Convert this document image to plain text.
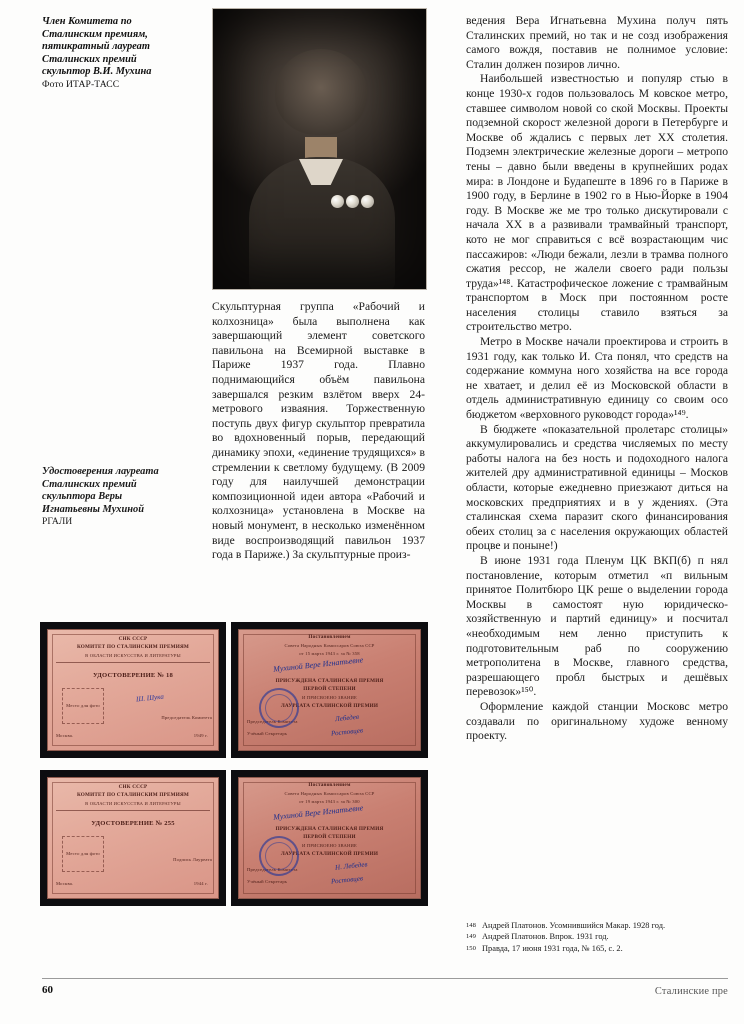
Член Комитета по Сталинским премиям, пятикратный лауреат Сталинских премий скульптор В.И. Мухина
Фото ИТАР-ТАСС
Скульптурная группа «Рабочий и колхозница» была выполнена как завершающий элемент советского павильона на Всемирной выставке в Париже 1937 года. Плавно поднимающийся объём павильона завершался резким взлётом вверх 24-метрового изваяния. Торжественную поступь двух фигур скульптор превратила во вдохновенный порыв, передающий динамику эпохи, «единение трудящихся» в стремлении к светлому будущему. (В 2009 году для наилучшей демонстрации композиционной идеи автора «Рабочий и колхозница» установлена в Москве на новый монумент, в несколько изменённом виде воспроизводящий павильон 1937 года в Париже.) За скульптурные произ-
Удостоверения лауреата Сталинских премий скульптора Веры Игнатьевны Мухиной
РГАЛИ
СНК СССР
КОМИТЕТ ПО СТАЛИНСКИМ ПРЕМИЯМ
В ОБЛАСТИ ИСКУССТВА И ЛИТЕРАТУРЫ
УДОСТОВЕРЕНИЕ № 18
Место для фото
Председатель Комитета
Ш. Шука
Москва.	1949 г.
Постановлением
Совета Народных Комиссаров Союза ССР
от 15 марта 1943 г. за № 358
Мухиной Вере Игнатьевне
ПРИСУЖДЕНА СТАЛИНСКАЯ ПРЕМИЯ
ПЕРВОЙ СТЕПЕНИ
И ПРИСВОЕНО ЗВАНИЕ
ЛАУРЕАТА СТАЛИНСКОЙ ПРЕМИИ
Председатель Комитета
Учёный Секретарь
Лебедев
Ростовцев
СНК СССР
КОМИТЕТ ПО СТАЛИНСКИМ ПРЕМИЯМ
В ОБЛАСТИ ИСКУССТВА И ЛИТЕРАТУРЫ
УДОСТОВЕРЕНИЕ № 255
Место для фото
Подпись Лауреата
Москва.	1944 г.
Постановлением
Совета Народных Комиссаров Союза ССР
от 19 марта 1943 г. за № 300
Мухиной Вере Игнатьевне
ПРИСУЖДЕНА СТАЛИНСКАЯ ПРЕМИЯ
ПЕРВОЙ СТЕПЕНИ
И ПРИСВОЕНО ЗВАНИЕ
ЛАУРЕАТА СТАЛИНСКОЙ ПРЕМИИ
Председатель Комитета
Учёный Секретарь
Н. Лебедев
Ростовцев

ведения Вера Игнатьевна Мухина получ пять Сталинских премий, но так и не созд изображения самого вождя, поставив не полнимое условие: Сталин должен позиров лично.

Наибольшей известностью и популяр стью в конце 1930-х годов пользовалось М ковское метро, ставшее символом новой со ской Москвы. Проекты подземной скорост железной дороги в Петербурге и Москве об ждались с первых лет XX столетия. Подземн электрические железные дороги – метропо тены – давно были введены в крупнейших родах мира: в Лондоне и Будапеште в 1896 го в Париже в 1900 году, в Берлине в 1902 го в Нью-Йорке в 1904 году. В Москве же ме тро только дискутировали с начала XX в а развивали трамвайный транспорт, кото не мог справиться с всё возрастающим чис пассажиров: «Люди бежали, лезли в трамва полного сжатия рессор, не жалели своего ради пользы труда»¹⁴⁸. Катастрофическое ложение с трамвайным транспортом в Моск при постоянном росте населения столицы ставило взяться за строительство метро.

Метро в Москве начали проектирова и строить в 1931 году, как только И. Ста понял, что средств на содержание коммуна ного хозяйства на все города не хватает, и делил её из Московской области в отдель административную единицу со своим осо бюджетом «верховного руководст города»¹⁴⁹.

В бюджете «показательной пролетарс столицы» аккумулировались и средства числяемых по месту работы налога на без ность и подоходного налога жителей дру административной единицы – Москов области, которые ежедневно приезжают диться на московских предприятиях и в у ждениях. (Эта сталинская схема паразит ского финансирования обеих столиц за с населения окружающих областей процве и поныне!)

В июне 1931 года Пленум ЦК ВКП(б) п нял постановление, которым отметил «п вильным принятое Политбюро ЦК реше о выделении города Москвы в самостоят ную юридическо-хозяйственную и партий единицу» и посчитал «необходимым нем ленно приступить к подготовительным раб по сооружению метрополитена в Москве, главного средства, разрешающего пробл быстрых и дешёвых перевозок»¹⁵⁰.

Оформление каждой станции Московс метро создавали по оригинальному художе венному проекту.

148 Андрей Платонов. Усомнившийся Макар. 1928 год.
149 Андрей Платонов. Впрок. 1931 год.
150 Правда, 17 июня 1931 года, № 165, с. 2.
60	Сталинские пре
